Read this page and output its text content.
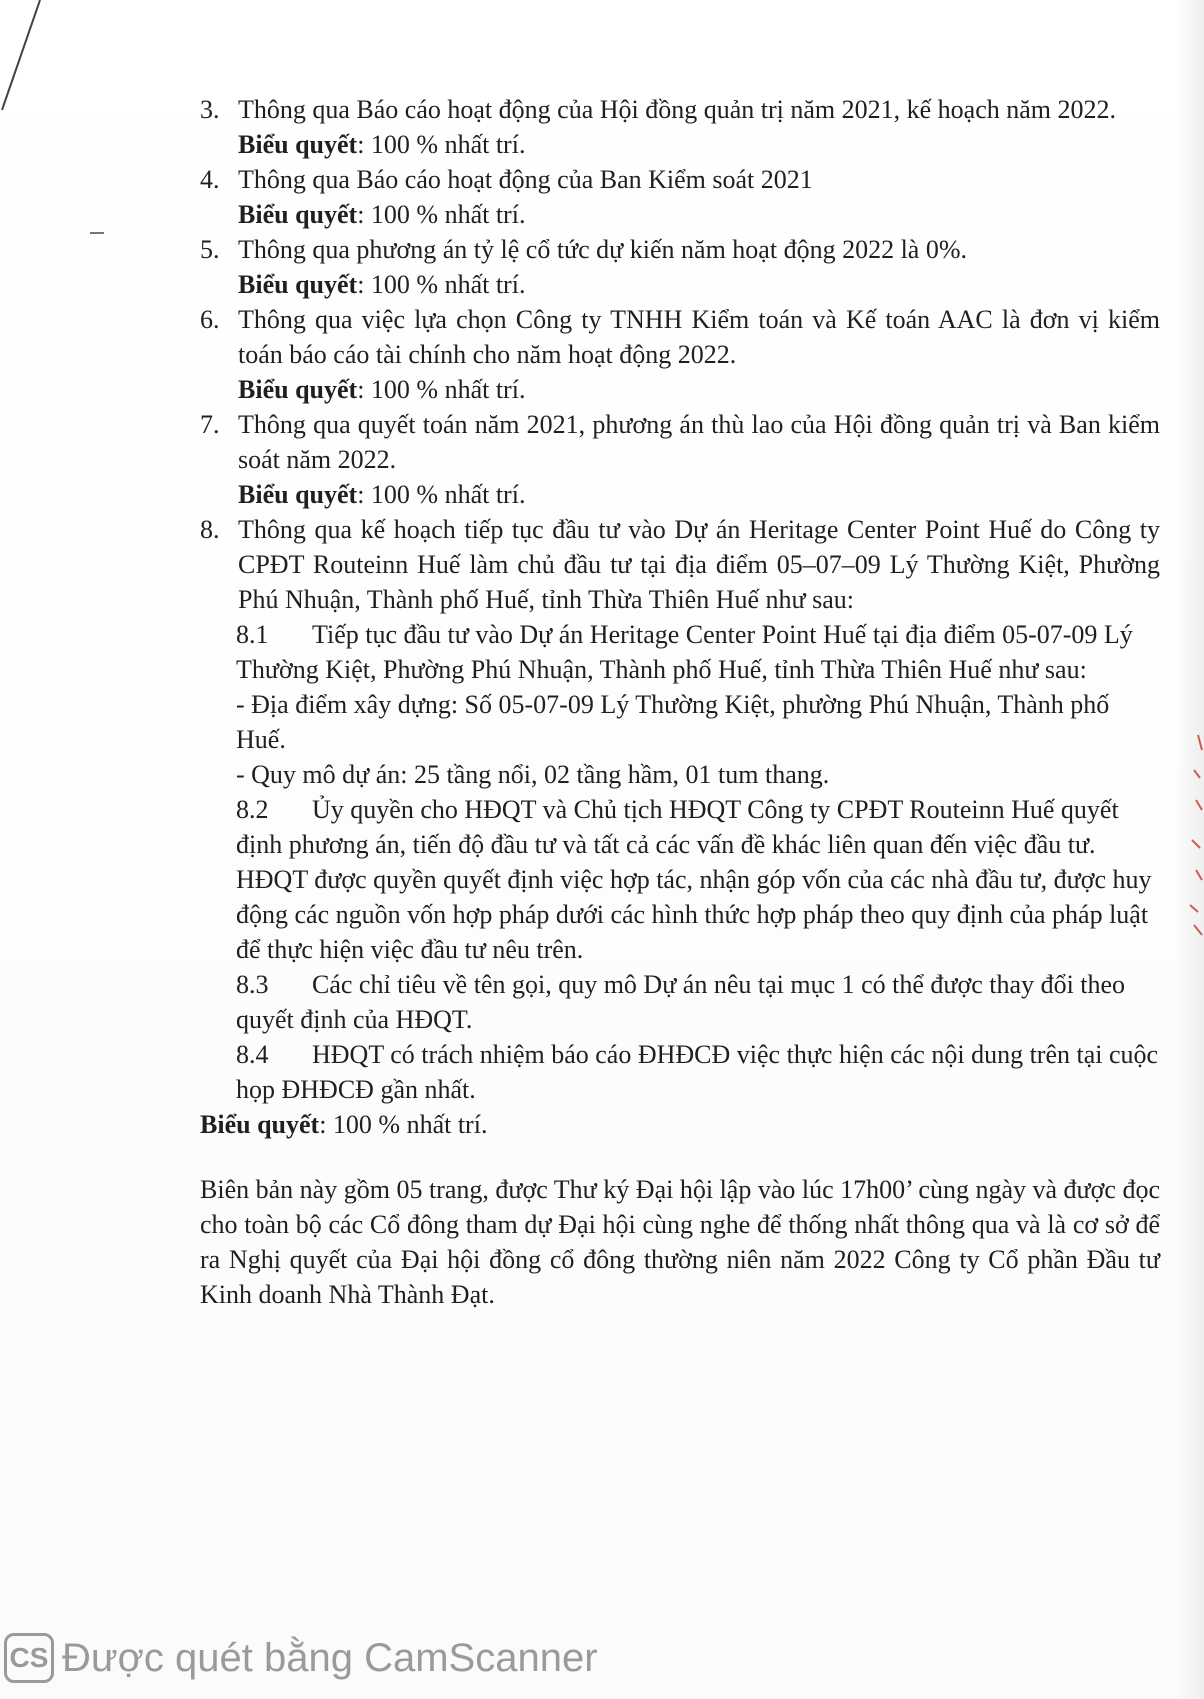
3. Thông qua Báo cáo hoạt động của Hội đồng quản trị năm 2021, kế hoạch năm 2022.
Biểu quyết: 100 % nhất trí.
4. Thông qua Báo cáo hoạt động của Ban Kiểm soát 2021
Biểu quyết: 100 % nhất trí.
5. Thông qua phương án tỷ lệ cổ tức dự kiến năm hoạt động 2022 là 0%.
Biểu quyết: 100 % nhất trí.
6. Thông qua việc lựa chọn Công ty TNHH Kiểm toán và Kế toán AAC là đơn vị kiểm toán báo cáo tài chính cho năm hoạt động 2022.
Biểu quyết: 100 % nhất trí.
7. Thông qua quyết toán năm 2021, phương án thù lao của Hội đồng quản trị và Ban kiểm soát năm 2022.
Biểu quyết: 100 % nhất trí.
8. Thông qua kế hoạch tiếp tục đầu tư vào Dự án Heritage Center Point Huế do Công ty CPĐT Routeinn Huế làm chủ đầu tư tại địa điểm 05–07–09 Lý Thường Kiệt, Phường Phú Nhuận, Thành phố Huế, tỉnh Thừa Thiên Huế như sau:
8.1 Tiếp tục đầu tư vào Dự án Heritage Center Point Huế tại địa điểm 05-07-09 Lý Thường Kiệt, Phường Phú Nhuận, Thành phố Huế, tỉnh Thừa Thiên Huế như sau:
- Địa điểm xây dựng: Số 05-07-09 Lý Thường Kiệt, phường Phú Nhuận, Thành phố Huế.
- Quy mô dự án: 25 tầng nổi, 02 tầng hầm, 01 tum thang.
8.2 Ủy quyền cho HĐQT và Chủ tịch HĐQT Công ty CPĐT Routeinn Huế quyết định phương án, tiến độ đầu tư và tất cả các vấn đề khác liên quan đến việc đầu tư. HĐQT được quyền quyết định việc hợp tác, nhận góp vốn của các nhà đầu tư, được huy động các nguồn vốn hợp pháp dưới các hình thức hợp pháp theo quy định của pháp luật để thực hiện việc đầu tư nêu trên.
8.3 Các chỉ tiêu về tên gọi, quy mô Dự án nêu tại mục 1 có thể được thay đổi theo quyết định của HĐQT.
8.4 HĐQT có trách nhiệm báo cáo ĐHĐCĐ việc thực hiện các nội dung trên tại cuộc họp ĐHĐCĐ gần nhất.
Biểu quyết: 100 % nhất trí.
Biên bản này gồm 05 trang, được Thư ký Đại hội lập vào lúc 17h00’ cùng ngày và được đọc cho toàn bộ các Cổ đông tham dự Đại hội cùng nghe để thống nhất thông qua và là cơ sở để ra Nghị quyết của Đại hội đồng cổ đông thường niên năm 2022 Công ty Cổ phần Đầu tư Kinh doanh Nhà Thành Đạt.
CS Được quét bằng CamScanner
